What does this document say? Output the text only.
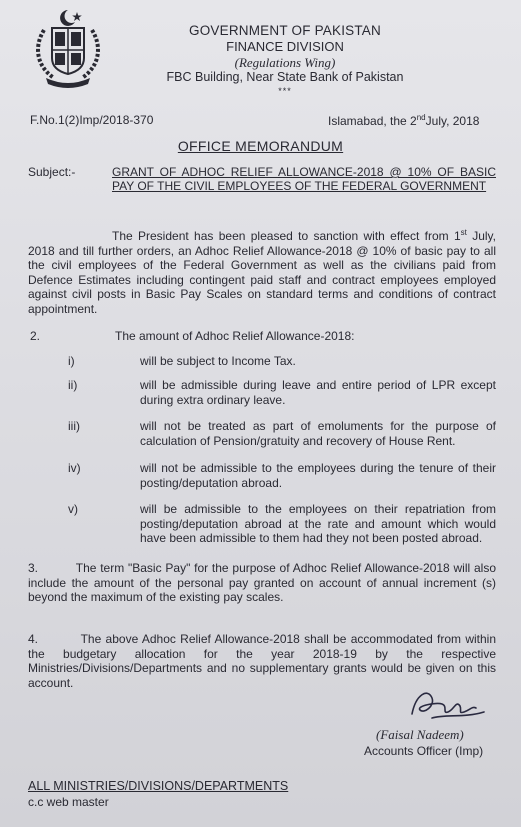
GOVERNMENT OF PAKISTAN
FINANCE DIVISION
(Regulations Wing)
FBC Building, Near State Bank of Pakistan
***
F.No.1(2)Imp/2018-370	Islamabad, the 2ndJuly, 2018
OFFICE MEMORANDUM
Subject:-	GRANT OF ADHOC RELIEF ALLOWANCE-2018 @ 10% OF BASIC PAY OF THE CIVIL EMPLOYEES OF THE FEDERAL GOVERNMENT
The President has been pleased to sanction with effect from 1st July, 2018 and till further orders, an Adhoc Relief Allowance-2018 @ 10% of basic pay to all the civil employees of the Federal Government as well as the civilians paid from Defence Estimates including contingent paid staff and contract employees employed against civil posts in Basic Pay Scales on standard terms and conditions of contract appointment.
2.	The amount of Adhoc Relief Allowance-2018:
i)	will be subject to Income Tax.
ii)	will be admissible during leave and entire period of LPR except during extra ordinary leave.
iii)	will not be treated as part of emoluments for the purpose of calculation of Pension/gratuity and recovery of House Rent.
iv)	will not be admissible to the employees during the tenure of their posting/deputation abroad.
v)	will be admissible to the employees on their repatriation from posting/deputation abroad at the rate and amount which would have been admissible to them had they not been posted abroad.
3.          The term "Basic Pay" for the purpose of Adhoc Relief Allowance-2018 will also include the amount of the personal pay granted on account of annual increment (s) beyond the maximum of the existing pay scales.
4.          The above Adhoc Relief Allowance-2018 shall be accommodated from within the budgetary allocation for the year 2018-19 by the respective Ministries/Divisions/Departments and no supplementary grants would be given on this account.
(Faisal Nadeem)
Accounts Officer (Imp)
ALL MINISTRIES/DIVISIONS/DEPARTMENTS
c.c web master
